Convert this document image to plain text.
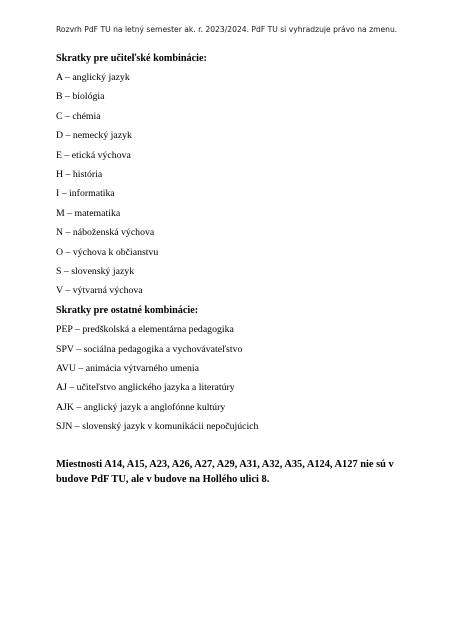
Rozvrh PdF TU na letný semester ak. r. 2023/2024. PdF TU si vyhradzuje právo na zmenu.
Skratky pre učiteľské kombinácie:
A – anglický jazyk
B – biológia
C – chémia
D – nemecký jazyk
E – etická výchova
H – história
I – informatika
M – matematika
N – náboženská výchova
O – výchova k občianstvu
S – slovenský jazyk
V – výtvarná výchova
Skratky pre ostatné kombinácie:
PEP – predškolská a elementárna pedagogika
SPV – sociálna pedagogika a vychovávateľstvo
AVU – animácia výtvarného umenia
AJ – učiteľstvo anglického jazyka a literatúry
AJK – anglický jazyk a anglofónne kultúry
SJN – slovenský jazyk v komunikácii nepočujúcich
Miestnosti A14, A15, A23, A26, A27, A29, A31, A32, A35, A124, A127 nie sú v budove PdF TU, ale v budove na Hollého ulici 8.
